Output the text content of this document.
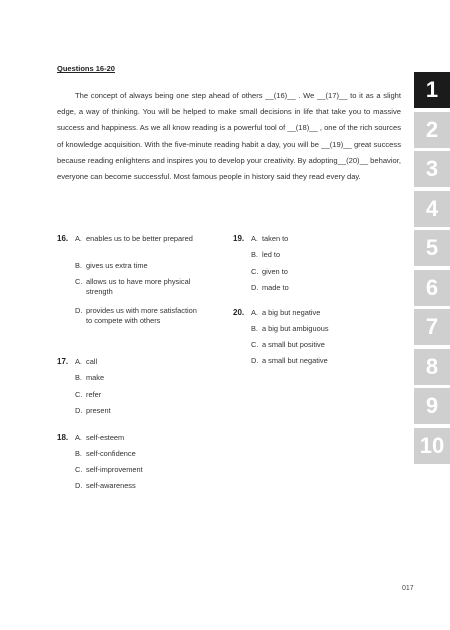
Questions 16-20
The concept of always being one step ahead of others __(16)__ . We __(17)__ to it as a slight edge, a way of thinking. You will be helped to make small decisions in life that take you to massive success and happiness. As we all know reading is a powerful tool of __(18)__ , one of the rich sources of knowledge acquisition. With the five-minute reading habit a day, you will be __(19)__ great success because reading enlightens and inspires you to develop your creativity. By adopting__(20)__ behavior, everyone can become successful. Most famous people in history said they read every day.
16. A. enables us to be better prepared
B. gives us extra time
C. allows us to have more physical strength
D. provides us with more satisfaction to compete with others
17. A. call
B. make
C. refer
D. present
18. A. self-esteem
B. self-confidence
C. self-improvement
D. self-awareness
19. A. taken to
B. led to
C. given to
D. made to
20. A. a big but negative
B. a big but ambiguous
C. a small but positive
D. a small but negative
1
2
3
4
5
6
7
8
9
10
017
